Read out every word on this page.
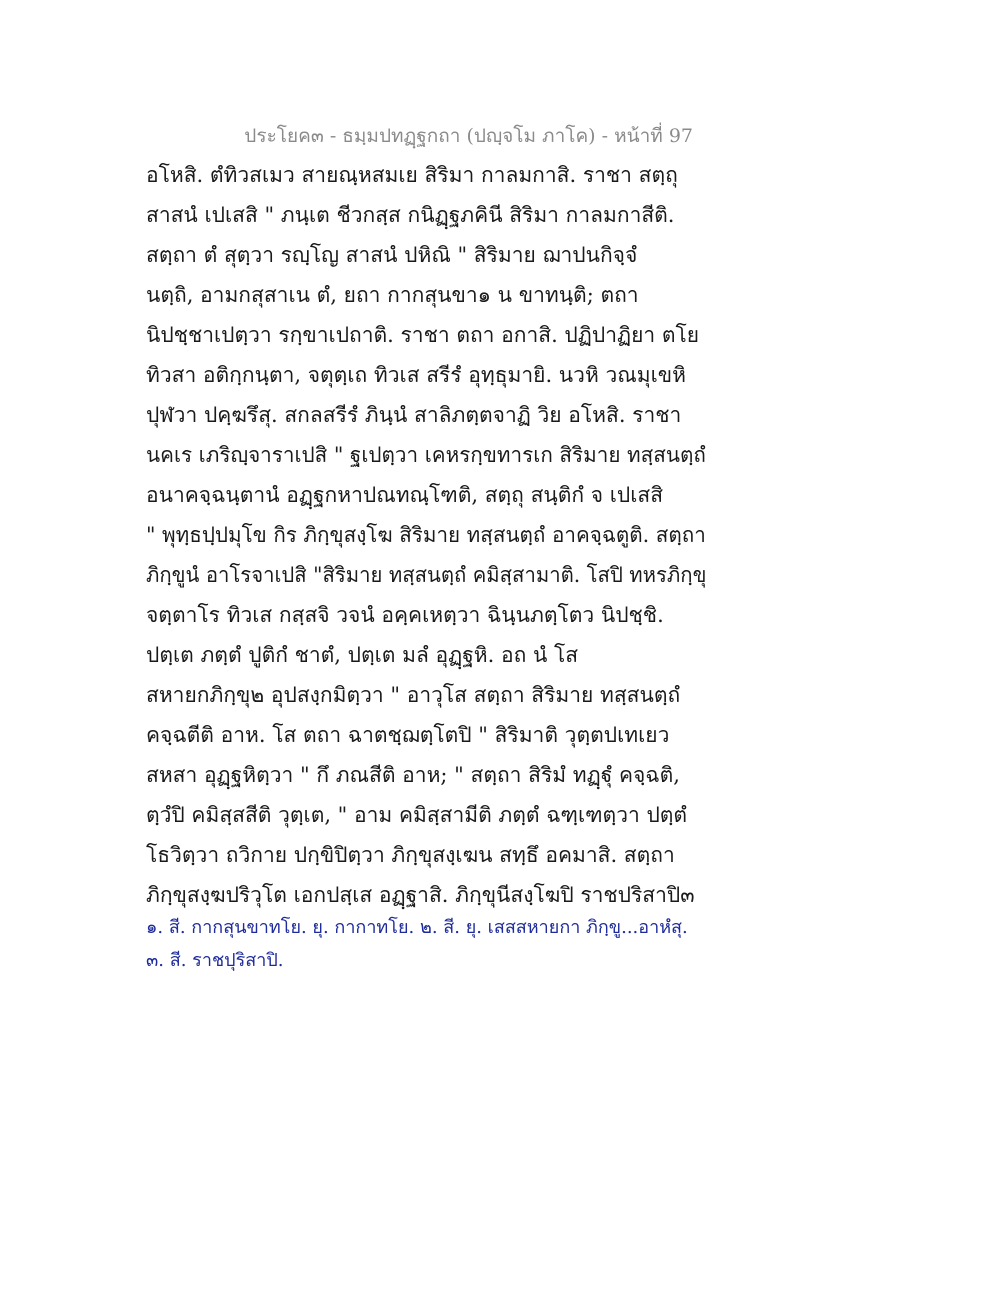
ประโยค๓ - ธมฺมปทฏฺฐกถา (ปญฺจโม ภาโค) - หน้าที่ 97
อโหสิ. ตํทิวสเมว สายณฺหสมเย สิริมา กาลมกาสิ. ราชา สตฺถุ
สาสนํ เปเสสิ " ภนฺเต ชีวกสฺส กนิฏฺฐภคินี สิริมา กาลมกาสีติ.
สตฺถา ตํ สุตฺวา รญฺโญ สาสนํ ปหิณิ " สิริมาย ฌาปนกิจฺจํ
นตฺถิ, อามกสุสาเน ตํ, ยถา กากสุนขา๑ น ขาทนฺติ; ตถา
นิปชฺชาเปตฺวา รกฺขาเปถาติ. ราชา ตถา อกาสิ. ปฏิปาฏิยา ตโย
ทิวสา อติกฺกนฺตา, จตุตฺเถ ทิวเส สรีรํ อุทฺธุมายิ. นวหิ วณมุเขหิ
ปุฬวา ปคฺฆรึสุ. สกลสรีรํ ภินฺนํ สาลิภตฺตจาฏิ วิย อโหสิ. ราชา
นคเร เภริญฺจาราเปสิ " ฐเปตฺวา เคหรกฺขทารเก สิริมาย ทสฺสนตฺถํ
อนาคจฺฉนฺตานํ อฏฺฐกหาปณทณฺโฑติ, สตฺถุ สนฺติกํ จ เปเสสิ
" พุทฺธปฺปมุโข กิร ภิกฺขุสงฺโฆ สิริมาย ทสฺสนตฺถํ อาคจฺฉตูติ. สตฺถา
ภิกฺขูนํ อาโรจาเปสิ "สิริมาย ทสฺสนตฺถํ คมิสฺสามาติ. โสปิ ทหรภิกฺขุ
จตฺตาโร ทิวเส กสฺสจิ วจนํ อคฺคเหตฺวา ฉินฺนภตฺโตว นิปชฺชิ.
ปตฺเต ภตฺตํ ปูติกํ ชาตํ, ปตฺเต มลํ อุฏฺฐหิ. อถ นํ โส
สหายกภิกฺขุ๒ อุปสงฺกมิตฺวา " อาวุโส สตฺถา สิริมาย ทสฺสนตฺถํ
คจฺฉตีติ อาห. โส ตถา ฉาตชฺฌตฺโตปิ " สิริมาติ วุตฺตปเทเยว
สหสา อุฏฺฐหิตฺวา " กึ ภณสีติ อาห; " สตฺถา สิริมํ ทฏฺฐุํ คจฺฉติ,
ตฺวํปิ คมิสฺสสีติ วุตฺเต, " อาม คมิสฺสามีติ ภตฺตํ ฉฑฺเฑตฺวา ปตฺตํ
โธวิตฺวา ถวิกาย ปกฺขิปิตฺวา ภิกฺขุสงฺเฆน สทฺธึ อคมาสิ. สตฺถา
ภิกฺขุสงฺฆปริวุโต เอกปสฺเส อฏฺฐาสิ. ภิกฺขุนีสงฺโฆปิ ราชปริสาปิ๓
๑. สี. กากสุนขาทโย. ยุ. กากาทโย. ๒. สี. ยุ. เสสสหายกา ภิกฺขู...อาหํสุ.
๓. สี. ราชปุริสาปิ.
